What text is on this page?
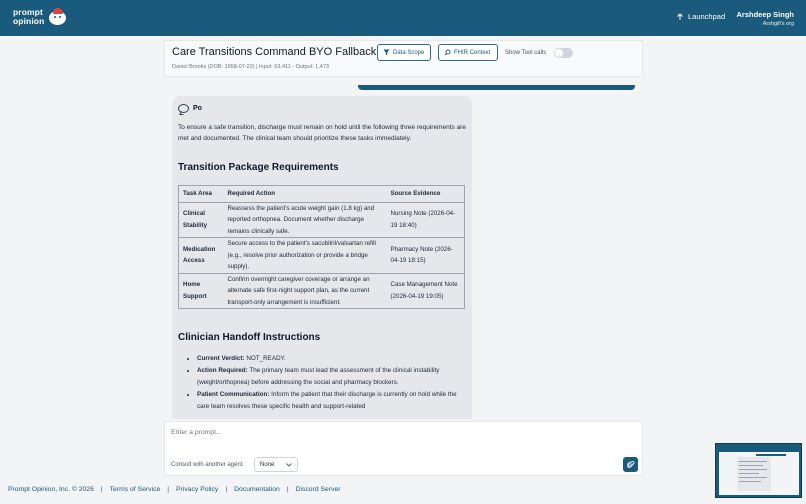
prompt
opinion	Launchpad Arshdeep Singh
Arshgill's org
Care Transitions Command BYO Fallback
Daniel Brooks (DOB: 1958-07-23) | Input: 63,411 - Output: 1,473
Data Scope	FHIR Context Show Tool calls
Po
To ensure a safe transition, discharge must remain on hold until the following three requirements are met and documented. The clinical team should prioritize these tasks immediately.
Transition Package Requirements
Task Area	Required Action	Source Evidence
Clinical Stability	Reassess the patient's acute weight gain (1.8 kg) and reported orthopnea. Document whether discharge remains clinically safe.	Nursing Note (2026-04-19 18:40)
Medication Access	Secure access to the patient's sacubitril/valsartan refill (e.g., resolve prior authorization or provide a bridge supply).	Pharmacy Note (2026-04-19 18:15)
Home Support	Confirm overnight caregiver coverage or arrange an alternate safe first-night support plan, as the current transport-only arrangement is insufficient.	Case Management Note (2026-04-19 19:05)
Clinician Handoff Instructions
• Current Verdict: NOT_READY.
• Action Required: The primary team must lead the assessment of the clinical instability (weight/orthopnea) before addressing the social and pharmacy blockers.
• Patient Communication: Inform the patient that their discharge is currently on hold while the care team resolves these specific health and support-related
Enter a prompt...
Consult with another agent:	None
Prompt Opinion, Inc. © 2026 | Terms of Service | Privacy Policy | Documentation | Discord Server
